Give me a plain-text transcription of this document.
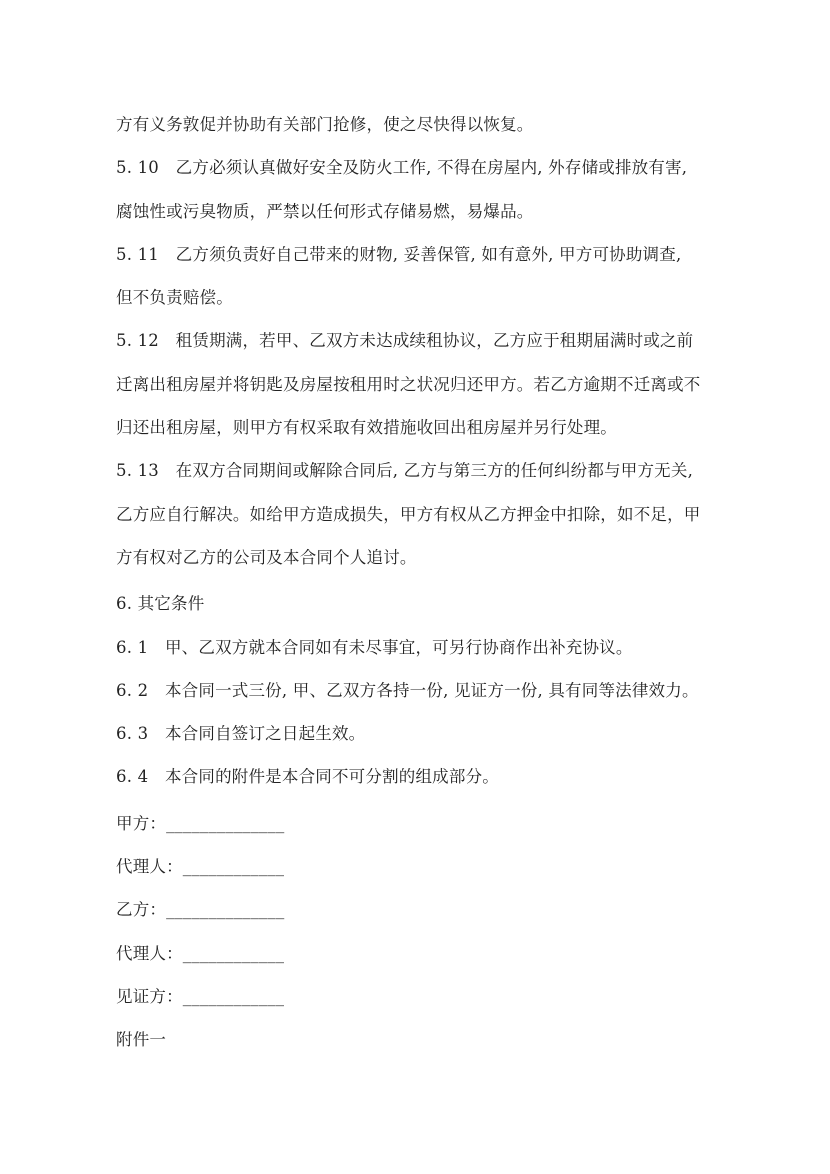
方有义务敦促并协助有关部门抢修，使之尽快得以恢复。
5. 10　乙方必须认真做好安全及防火工作, 不得在房屋内, 外存储或排放有害,
腐蚀性或污臭物质，严禁以任何形式存储易燃，易爆品。
5. 11　乙方须负责好自己带来的财物, 妥善保管, 如有意外, 甲方可协助调查,
但不负责赔偿。
5. 12　租赁期满，若甲、乙双方未达成续租协议，乙方应于租期届满时或之前
迁离出租房屋并将钥匙及房屋按租用时之状况归还甲方。若乙方逾期不迁离或不
归还出租房屋，则甲方有权采取有效措施收回出租房屋并另行处理。
5. 13　在双方合同期间或解除合同后, 乙方与第三方的任何纠纷都与甲方无关,
乙方应自行解决。如给甲方造成损失，甲方有权从乙方押金中扣除，如不足，甲
方有权对乙方的公司及本合同个人追讨。
6. 其它条件
6. 1　甲、乙双方就本合同如有未尽事宜，可另行协商作出补充协议。
6. 2　本合同一式三份, 甲、乙双方各持一份, 见证方一份, 具有同等法律效力。
6. 3　本合同自签订之日起生效。
6. 4　本合同的附件是本合同不可分割的组成部分。
甲方：______________
代理人：____________
乙方：______________
代理人：____________
见证方：____________
附件一
